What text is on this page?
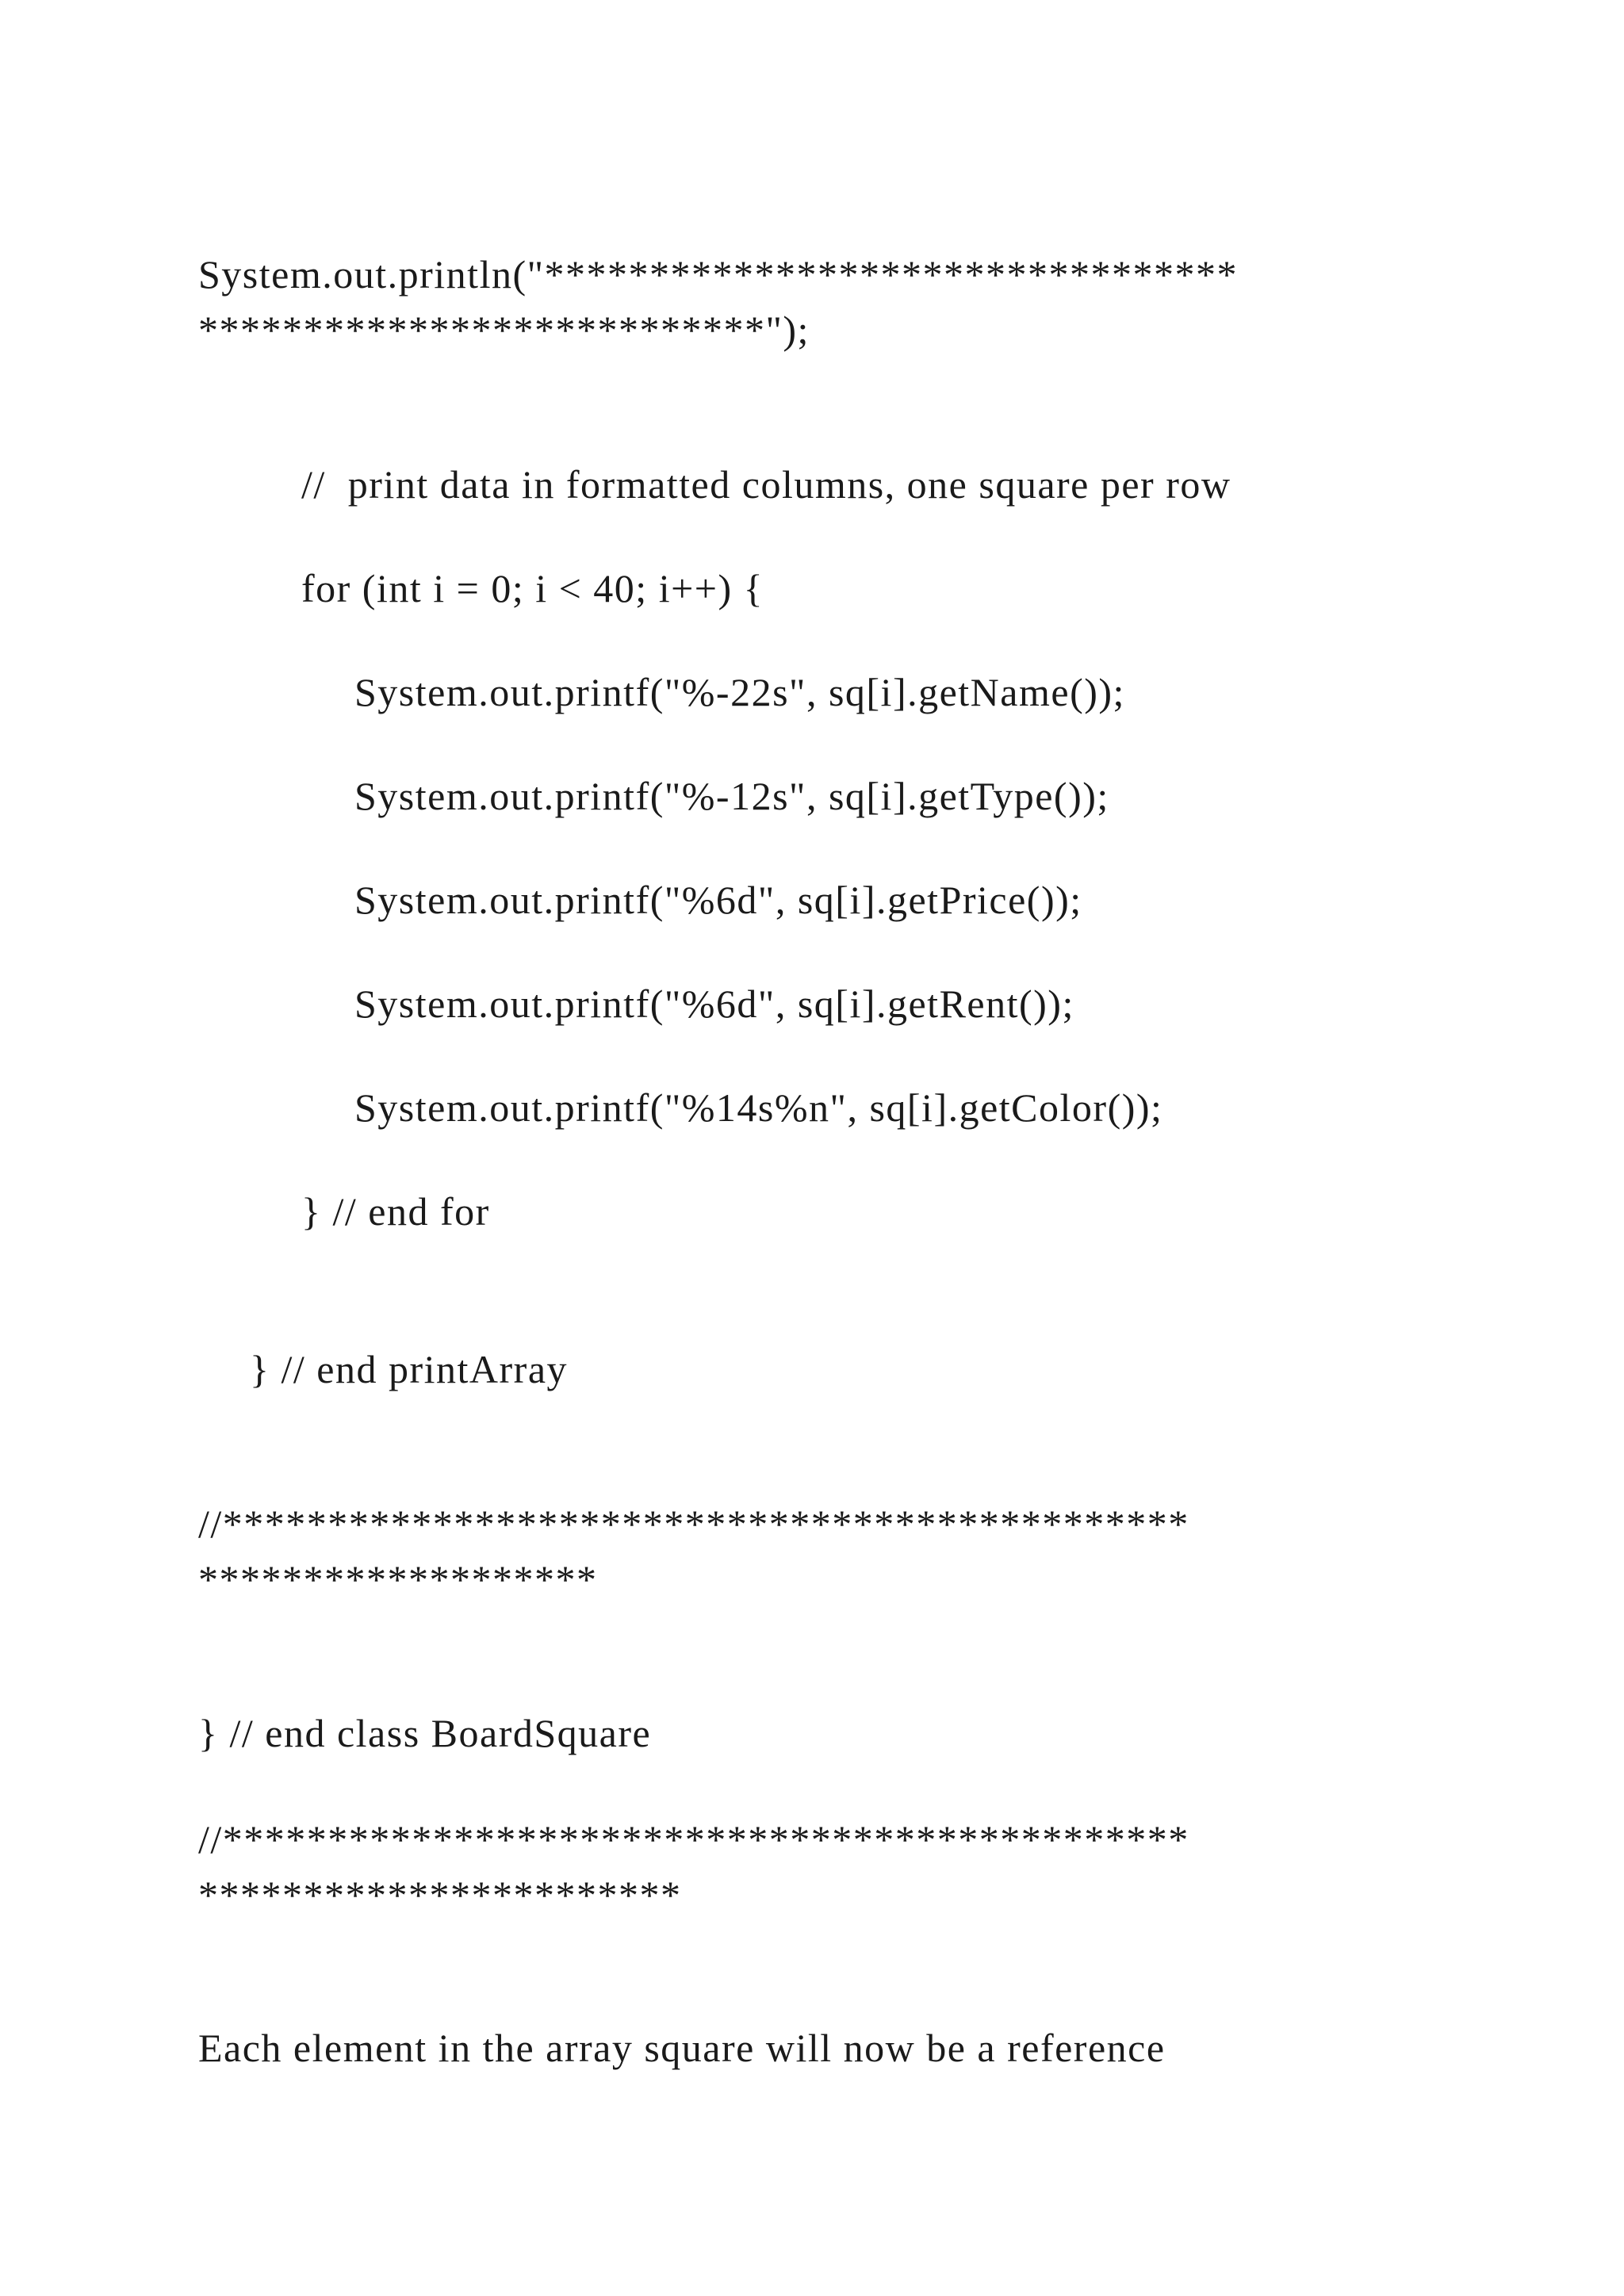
System.out.println("*********************************

***************************");

//  print data in formatted columns, one square per row

for (int i = 0; i < 40; i++) {

System.out.printf("%-22s", sq[i].getName());

System.out.printf("%-12s", sq[i].getType());

System.out.printf("%6d", sq[i].getPrice());

System.out.printf("%6d", sq[i].getRent());

System.out.printf("%14s%n", sq[i].getColor());

} // end for

} // end printArray

//**********************************************

*******************

} // end class BoardSquare

//**********************************************

***********************

Each element in the array square will now be a reference
